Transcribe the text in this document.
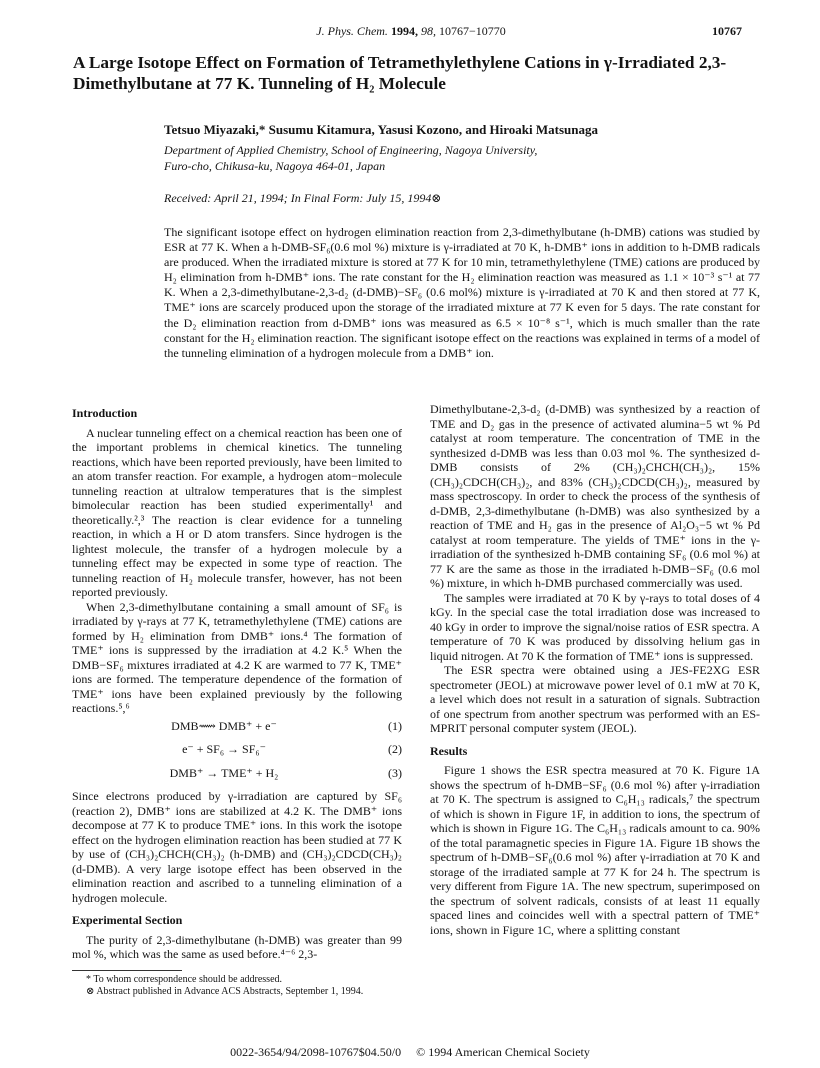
J. Phys. Chem. 1994, 98, 10767−10770	10767
A Large Isotope Effect on Formation of Tetramethylethylene Cations in γ-Irradiated 2,3-Dimethylbutane at 77 K. Tunneling of H₂ Molecule
Tetsuo Miyazaki,* Susumu Kitamura, Yasusi Kozono, and Hiroaki Matsunaga
Department of Applied Chemistry, School of Engineering, Nagoya University,
Furo-cho, Chikusa-ku, Nagoya 464-01, Japan
Received: April 21, 1994; In Final Form: July 15, 1994⊗

The significant isotope effect on hydrogen elimination reaction from 2,3-dimethylbutane (h-DMB) cations was studied by ESR at 77 K. When a h-DMB-SF₆(0.6 mol %) mixture is γ-irradiated at 70 K, h-DMB⁺ ions in addition to h-DMB radicals are produced. When the irradiated mixture is stored at 77 K for 10 min, tetramethylethylene (TME) cations are produced by H₂ elimination from h-DMB⁺ ions. The rate constant for the H₂ elimination reaction was measured as 1.1 × 10⁻³ s⁻¹ at 77 K. When a 2,3-dimethylbutane-2,3-d₂ (d-DMB)−SF₆ (0.6 mol%) mixture is γ-irradiated at 70 K and then stored at 77 K, TME⁺ ions are scarcely produced upon the storage of the irradiated mixture at 77 K even for 5 days. The rate constant for the D₂ elimination reaction from d-DMB⁺ ions was measured as 6.5 × 10⁻⁸ s⁻¹, which is much smaller than the rate constant for the H₂ elimination reaction. The significant isotope effect on the reactions was explained in terms of a model of the tunneling elimination of a hydrogen molecule from a DMB⁺ ion.

Introduction

A nuclear tunneling effect on a chemical reaction has been one of the important problems in chemical kinetics. The tunneling reactions, which have been reported previously, have been limited to an atom transfer reaction. For example, a hydrogen atom−molecule tunneling reaction at ultralow temperatures that is the simplest bimolecular reaction has been studied experimentally¹ and theoretically.²,³ The reaction is clear evidence for a tunneling reaction, in which a H or D atom transfers. Since hydrogen is the lightest molecule, the transfer of a hydrogen molecule by a tunneling effect may be expected in some type of reaction. The tunneling reaction of H₂ molecule transfer, however, has not been reported previously.

When 2,3-dimethylbutane containing a small amount of SF₆ is irradiated by γ-rays at 77 K, tetramethylethylene (TME) cations are formed by H₂ elimination from DMB⁺ ions.⁴ The formation of TME⁺ ions is suppressed by the irradiation at 4.2 K.⁵ When the DMB−SF₆ mixtures irradiated at 4.2 K are warmed to 77 K, TME⁺ ions are formed. The temperature dependence of the formation of TME⁺ ions have been explained previously by the following reactions.⁵,⁶

DMB⟿ DMB⁺ + e⁻	(1)
e⁻ + SF₆ → SF₆⁻	(2)
DMB⁺ → TME⁺ + H₂	(3)

Since electrons produced by γ-irradiation are captured by SF₆ (reaction 2), DMB⁺ ions are stabilized at 4.2 K. The DMB⁺ ions decompose at 77 K to produce TME⁺ ions. In this work the isotope effect on the hydrogen elimination reaction has been studied at 77 K by use of (CH₃)₂CHCH(CH₃)₂ (h-DMB) and (CH₃)₂CDCD(CH₃)₂ (d-DMB). A very large isotope effect has been observed in the elimination reaction and ascribed to a tunneling elimination of a hydrogen molecule.

Experimental Section

The purity of 2,3-dimethylbutane (h-DMB) was greater than 99 mol %, which was the same as used before.⁴⁻⁶ 2,3-

* To whom correspondence should be addressed.

⊗ Abstract published in Advance ACS Abstracts, September 1, 1994.

Dimethylbutane-2,3-d₂ (d-DMB) was synthesized by a reaction of TME and D₂ gas in the presence of activated alumina−5 wt % Pd catalyst at room temperature. The concentration of TME in the synthesized d-DMB was less than 0.03 mol %. The synthesized d-DMB consists of 2% (CH₃)₂CHCH(CH₃)₂, 15% (CH₃)₂CDCH(CH₃)₂, and 83% (CH₃)₂CDCD(CH₃)₂, measured by mass spectroscopy. In order to check the process of the synthesis of d-DMB, 2,3-dimethylbutane (h-DMB) was also synthesized by a reaction of TME and H₂ gas in the presence of Al₂O₃−5 wt % Pd catalyst at room temperature. The yields of TME⁺ ions in the γ-irradiation of the synthesized h-DMB containing SF₆ (0.6 mol %) at 77 K are the same as those in the irradiated h-DMB−SF₆ (0.6 mol %) mixture, in which h-DMB purchased commercially was used.

The samples were irradiated at 70 K by γ-rays to total doses of 4 kGy. In the special case the total irradiation dose was increased to 40 kGy in order to improve the signal/noise ratios of ESR spectra. A temperature of 70 K was produced by dissolving helium gas in liquid nitrogen. At 70 K the formation of TME⁺ ions is suppressed.

The ESR spectra were obtained using a JES-FE2XG ESR spectrometer (JEOL) at microwave power level of 0.1 mW at 70 K, a level which does not result in a saturation of signals. Subtraction of one spectrum from another spectrum was performed with an ES-MPRIT personal computer system (JEOL).

Results

Figure 1 shows the ESR spectra measured at 70 K. Figure 1A shows the spectrum of h-DMB−SF₆ (0.6 mol %) after γ-irradiation at 70 K. The spectrum is assigned to C₆H₁₃ radicals,⁷ the spectrum of which is shown in Figure 1F, in addition to ions, the spectrum of which is shown in Figure 1G. The C₆H₁₃ radicals amount to ca. 90% of the total paramagnetic species in Figure 1A. Figure 1B shows the spectrum of h-DMB−SF₆(0.6 mol %) after γ-irradiation at 70 K and storage of the irradiated sample at 77 K for 24 h. The spectrum is very different from Figure 1A. The new spectrum, superimposed on the spectrum of solvent radicals, consists of at least 11 equally spaced lines and coincides well with a spectral pattern of TME⁺ ions, shown in Figure 1C, where a splitting constant

0022-3654/94/2098-10767$04.50/0 © 1994 American Chemical Society
